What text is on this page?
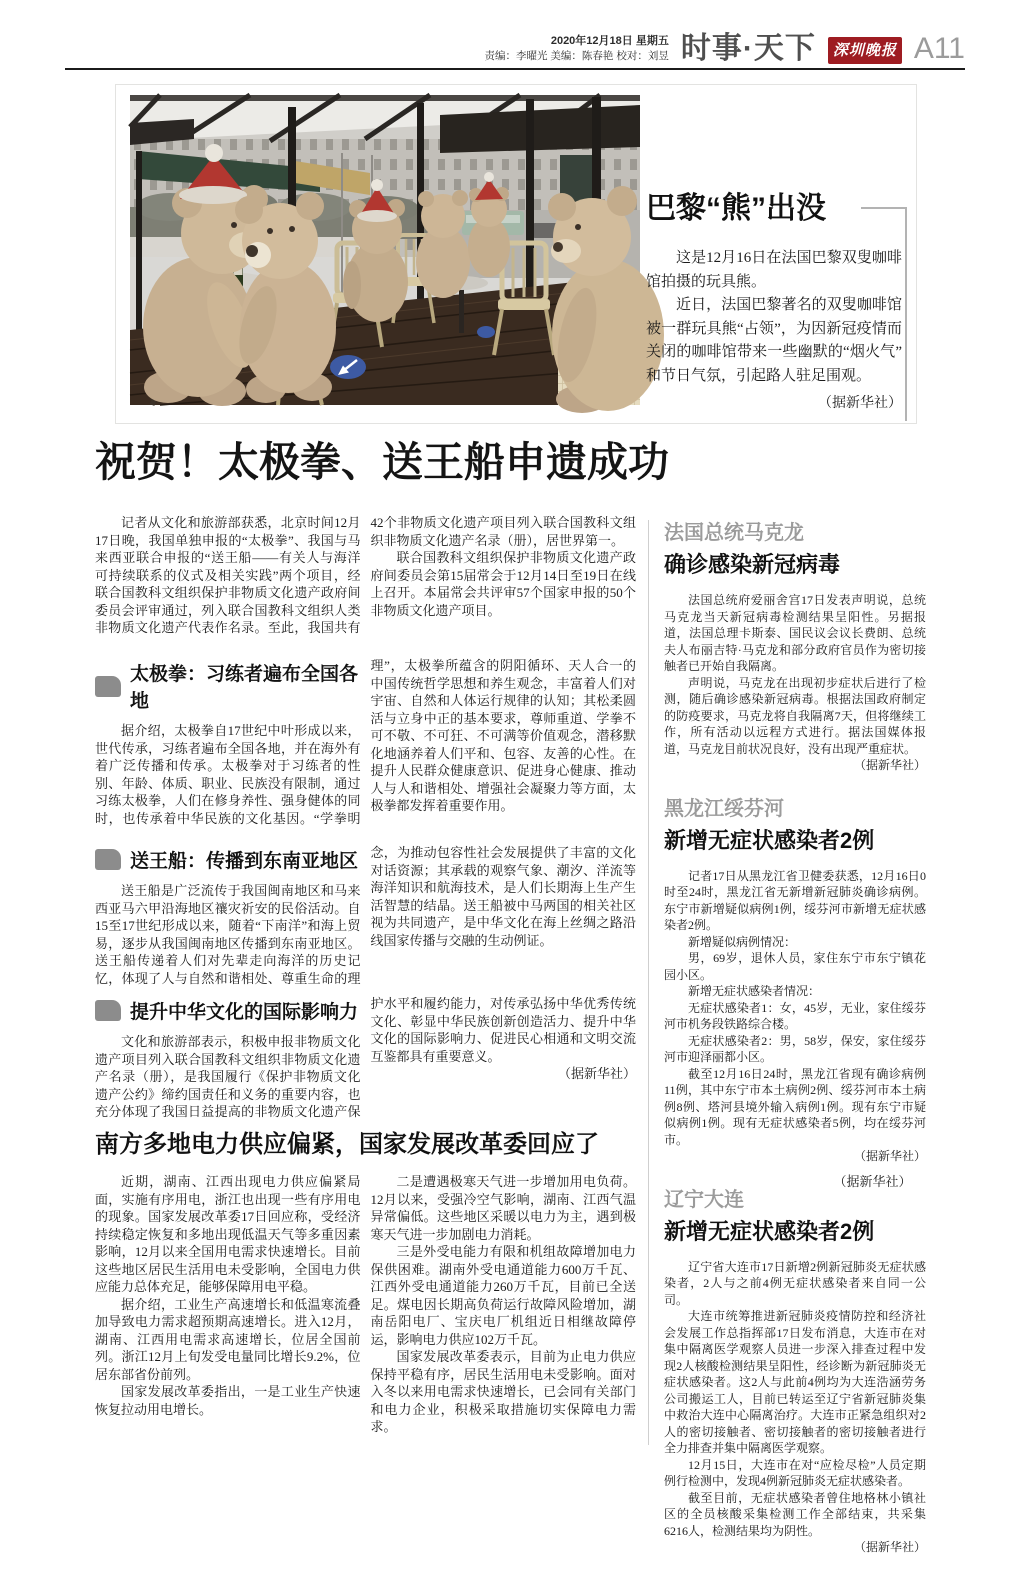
2020年12月18日 星期五
责编：李曜光 美编：陈春艳 校对：刘昱 时事·天下	深圳晚报 A11
巴黎“熊”出没

这是12月16日在法国巴黎双叟咖啡馆拍摄的玩具熊。

近日，法国巴黎著名的双叟咖啡馆被一群玩具熊“占领”，为因新冠疫情而关闭的咖啡馆带来一些幽默的“烟火气”和节日气氛，引起路人驻足围观。

（据新华社）
祝贺！太极拳、送王船申遗成功

记者从文化和旅游部获悉，北京时间12月17日晚，我国单独申报的“太极拳”、我国与马来西亚联合申报的“送王船——有关人与海洋可持续联系的仪式及相关实践”两个项目，经联合国教科文组织保护非物质文化遗产政府间委员会评审通过，列入联合国教科文组织人类非物质文化遗产代表作名录。至此，我国共有42个非物质文化遗产项目列入联合国教科文组织非物质文化遗产名录（册），居世界第一。

联合国教科文组织保护非物质文化遗产政府间委员会第15届常会于12月14日至19日在线上召开。本届常会共评审57个国家申报的50个非物质文化遗产项目。

太极拳：习练者遍布全国各地

据介绍，太极拳自17世纪中叶形成以来，世代传承，习练者遍布全国各地，并在海外有着广泛传播和传承。太极拳对于习练者的性别、年龄、体质、职业、民族没有限制，通过习练太极拳，人们在修身养性、强身健体的同时，也传承着中华民族的文化基因。“学拳明理”，太极拳所蕴含的阴阳循环、天人合一的中国传统哲学思想和养生观念，丰富着人们对宇宙、自然和人体运行规律的认知；其松柔圆活与立身中正的基本要求，尊师重道、学拳不可不敬、不可狂、不可满等价值观念，潜移默化地涵养着人们平和、包容、友善的心性。在提升人民群众健康意识、促进身心健康、推动人与人和谐相处、增强社会凝聚力等方面，太极拳都发挥着重要作用。

送王船：传播到东南亚地区

送王船是广泛流传于我国闽南地区和马来西亚马六甲沿海地区禳灾祈安的民俗活动。自15至17世纪形成以来，随着“下南洋”和海上贸易，逐步从我国闽南地区传播到东南亚地区。送王船传递着人们对先辈走向海洋的历史记忆，体现了人与自然和谐相处、尊重生命的理念，为推动包容性社会发展提供了丰富的文化对话资源；其承载的观察气象、潮汐、洋流等海洋知识和航海技术，是人们长期海上生产生活智慧的结晶。送王船被中马两国的相关社区视为共同遗产，是中华文化在海上丝绸之路沿线国家传播与交融的生动例证。

提升中华文化的国际影响力

文化和旅游部表示，积极申报非物质文化遗产项目列入联合国教科文组织非物质文化遗产名录（册），是我国履行《保护非物质文化遗产公约》缔约国责任和义务的重要内容，也充分体现了我国日益提高的非物质文化遗产保护水平和履约能力，对传承弘扬中华优秀传统文化、彰显中华民族创新创造活力、提升中华文化的国际影响力、促进民心相通和文明交流互鉴都具有重要意义。

（据新华社）

南方多地电力供应偏紧，国家发展改革委回应了

近期，湖南、江西出现电力供应偏紧局面，实施有序用电，浙江也出现一些有序用电的现象。国家发展改革委17日回应称，受经济持续稳定恢复和多地出现低温天气等多重因素影响，12月以来全国用电需求快速增长。目前这些地区居民生活用电未受影响，全国电力供应能力总体充足，能够保障用电平稳。

据介绍，工业生产高速增长和低温寒流叠加导致电力需求超预期高速增长。进入12月，湖南、江西用电需求高速增长，位居全国前列。浙江12月上旬发受电量同比增长9.2%，位居东部省份前列。

国家发展改革委指出，一是工业生产快速恢复拉动用电增长。

二是遭遇极寒天气进一步增加用电负荷。12月以来，受强冷空气影响，湖南、江西气温异常偏低。这些地区采暖以电力为主，遇到极寒天气进一步加剧电力消耗。

三是外受电能力有限和机组故障增加电力保供困难。湖南外受电通道能力600万千瓦、江西外受电通道能力260万千瓦，目前已全送足。煤电因长期高负荷运行故障风险增加，湖南岳阳电厂、宝庆电厂机组近日相继故障停运，影响电力供应102万千瓦。

国家发展改革委表示，目前为止电力供应保持平稳有序，居民生活用电未受影响。面对入冬以来用电需求快速增长，已会同有关部门和电力企业，积极采取措施切实保障电力需求。

（据新华社）

法国总统马克龙
确诊感染新冠病毒

法国总统府爱丽舍宫17日发表声明说，总统马克龙当天新冠病毒检测结果呈阳性。另据报道，法国总理卡斯泰、国民议会议长费朗、总统夫人布丽吉特·马克龙和部分政府官员作为密切接触者已开始自我隔离。

声明说，马克龙在出现初步症状后进行了检测，随后确诊感染新冠病毒。根据法国政府制定的防疫要求，马克龙将自我隔离7天，但将继续工作，所有活动以远程方式进行。据法国媒体报道，马克龙目前状况良好，没有出现严重症状。

（据新华社）

黑龙江绥芬河
新增无症状感染者2例

记者17日从黑龙江省卫健委获悉，12月16日0时至24时，黑龙江省无新增新冠肺炎确诊病例。东宁市新增疑似病例1例，绥芬河市新增无症状感染者2例。

新增疑似病例情况：

男，69岁，退休人员，家住东宁市东宁镇花园小区。

新增无症状感染者情况：

无症状感染者1：女，45岁，无业，家住绥芬河市机务段铁路综合楼。

无症状感染者2：男，58岁，保安，家住绥芬河市迎泽丽都小区。

截至12月16日24时，黑龙江省现有确诊病例11例，其中东宁市本土病例2例、绥芬河市本土病例8例、塔河县境外输入病例1例。现有东宁市疑似病例1例。现有无症状感染者5例，均在绥芬河市。

（据新华社）

辽宁大连
新增无症状感染者2例

辽宁省大连市17日新增2例新冠肺炎无症状感染者，2人与之前4例无症状感染者来自同一公司。

大连市统筹推进新冠肺炎疫情防控和经济社会发展工作总指挥部17日发布消息，大连市在对集中隔离医学观察人员进一步深入排查过程中发现2人核酸检测结果呈阳性，经诊断为新冠肺炎无症状感染者。这2人与此前4例均为大连浩涵劳务公司搬运工人，目前已转运至辽宁省新冠肺炎集中救治大连中心隔离治疗。大连市正紧急组织对2人的密切接触者、密切接触者的密切接触者进行全力排查并集中隔离医学观察。

12月15日，大连市在对“应检尽检”人员定期例行检测中，发现4例新冠肺炎无症状感染者。

截至目前，无症状感染者曾住地格林小镇社区的全员核酸采集检测工作全部结束，共采集6216人，检测结果均为阴性。

（据新华社）
